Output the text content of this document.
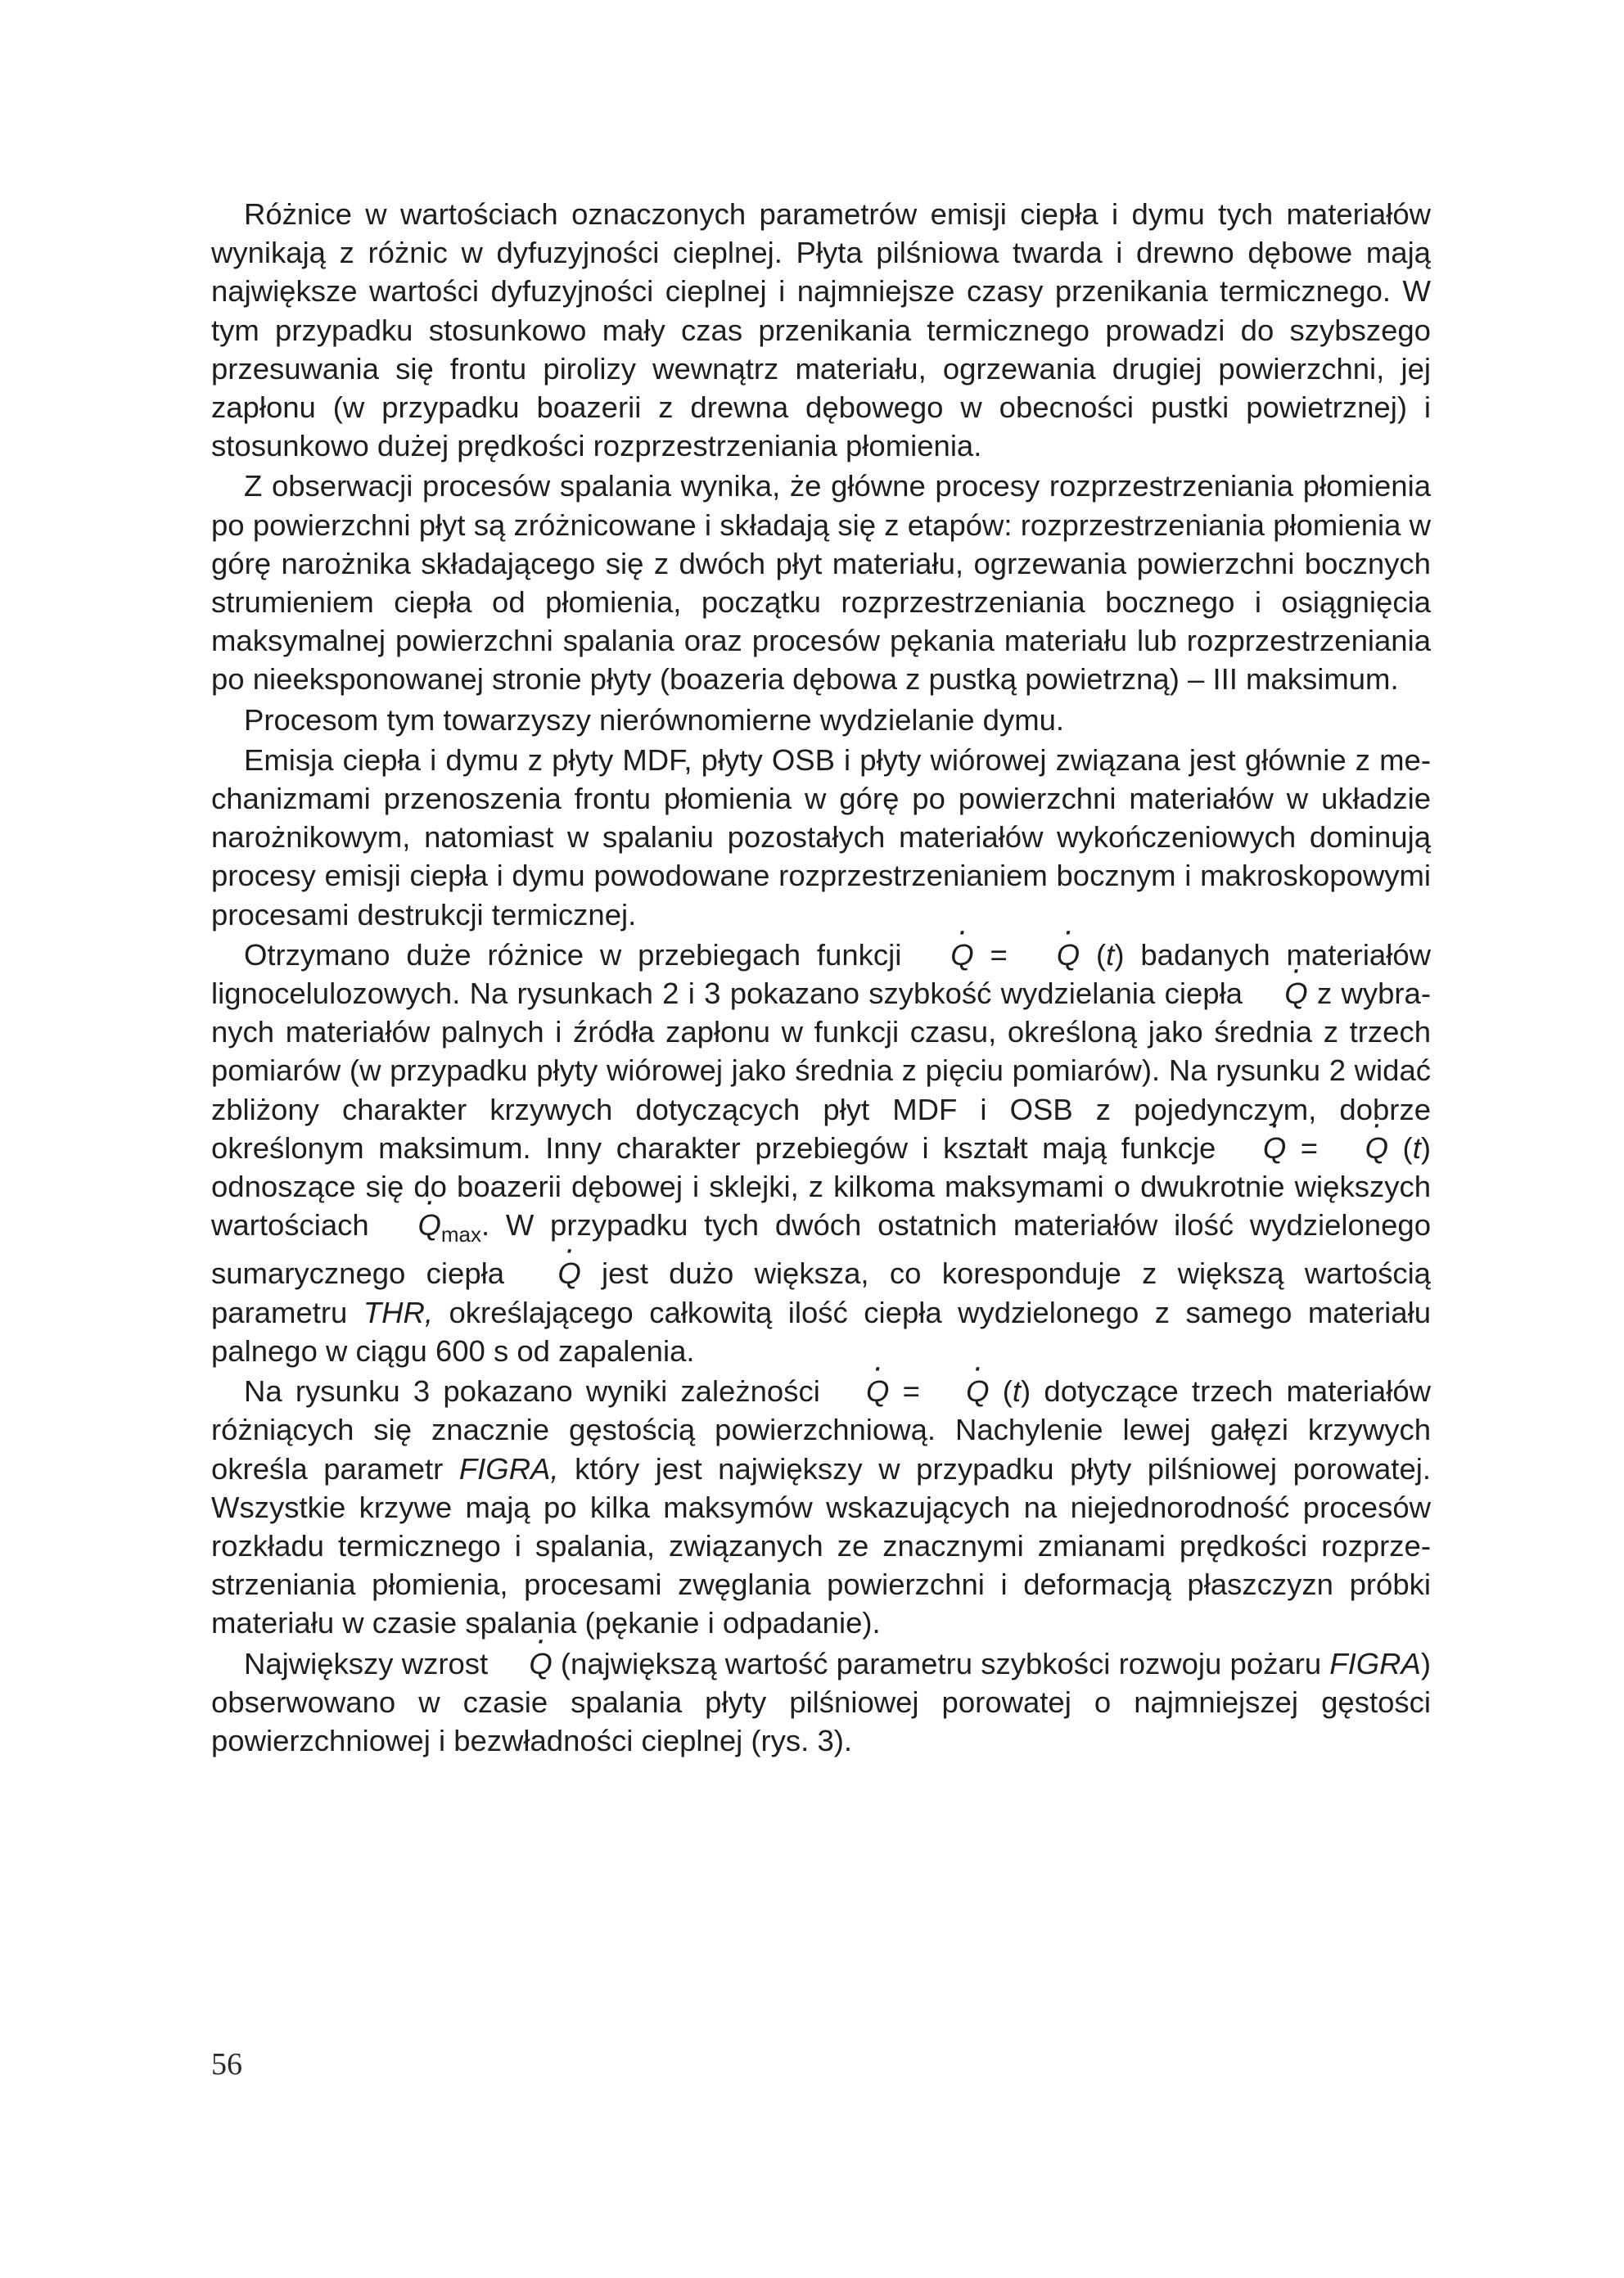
Różnice w wartościach oznaczonych parametrów emisji ciepła i dymu tych materiałów wynikają z różnic w dyfuzyjności cieplnej. Płyta pilśniowa twarda i drewno dębowe mają największe wartości dyfuzyjności cieplnej i najmniejsze czasy przenikania termicznego. W tym przypadku stosunkowo mały czas przenikania termicznego prowadzi do szybszego przesuwania się frontu pirolizy wewnątrz materiału, ogrzewania drugiej powierzchni, jej zapłonu (w przypadku boazerii z drewna dębowego w obecności pustki powietrznej) i stosunkowo dużej prędkości rozprzestrzeniania płomienia.

Z obserwacji procesów spalania wynika, że główne procesy rozprzestrzeniania płomienia po powierzchni płyt są zróżnicowane i składają się z etapów: rozprzestrzeniania płomienia w górę narożnika składającego się z dwóch płyt materiału, ogrzewania powierzchni bocznych strumieniem ciepła od płomienia, początku rozprzestrzeniania bocznego i osiągnięcia maksymalnej powierzchni spalania oraz procesów pękania materiału lub rozprzestrzeniania po nieeksponowanej stronie płyty (boazeria dębowa z pustką powietrzną) – III maksimum.

Procesom tym towarzyszy nierównomierne wydzielanie dymu.

Emisja ciepła i dymu z płyty MDF, płyty OSB i płyty wiórowej związana jest głównie z mechanizmami przenoszenia frontu płomienia w górę po powierzchni materiałów w układzie narożnikowym, natomiast w spalaniu pozostałych materiałów wykończeniowych dominują procesy emisji ciepła i dymu powodowane rozprzestrzenianiem bocznym i makroskopowymi procesami destrukcji termicznej.

Otrzymano duże różnice w przebiegach funkcji · Q = · Q (t) badanych materiałów lignocelulozowych. Na rysunkach 2 i 3 pokazano szybkość wydzielania ciepła · Q z wybranych materiałów palnych i źródła zapłonu w funkcji czasu, określoną jako średnia z trzech pomiarów (w przypadku płyty wiórowej jako średnia z pięciu pomiarów). Na rysunku 2 widać zbliżony charakter krzywych dotyczących płyt MDF i OSB z pojedynczym, dobrze określonym maksimum. Inny charakter przebiegów i kształt mają funkcje · Q = · Q (t) odnoszące się do boazerii dębowej i sklejki, z kilkoma maksymami o dwukrotnie większych wartościach · $Q_{max}$. W przypadku tych dwóch ostatnich materiałów ilość wydzielonego sumarycznego ciepła · Q jest dużo większa, co koresponduje z większą wartością parametru THR, określającego całkowitą ilość ciepła wydzielonego z samego materiału palnego w ciągu 600 s od zapalenia.

Na rysunku 3 pokazano wyniki zależności · Q = · Q (t) dotyczące trzech materiałów różniących się znacznie gęstością powierzchniową. Nachylenie lewej gałęzi krzywych określa parametr FIGRA, który jest największy w przypadku płyty pilśniowej porowatej. Wszystkie krzywe mają po kilka maksymów wskazujących na niejednorodność procesów rozkładu termicznego i spalania, związanych ze znacznymi zmianami prędkości rozprzestrzeniania płomienia, procesami zwęglania powierzchni i deformacją płaszczyzn próbki materiału w czasie spalania (pękanie i odpadanie).

Największy wzrost · Q (największą wartość parametru szybkości rozwoju pożaru FIGRA) obserwowano w czasie spalania płyty pilśniowej porowatej o najmniejszej gęstości powierzchniowej i bezwładności cieplnej (rys. 3).

56
